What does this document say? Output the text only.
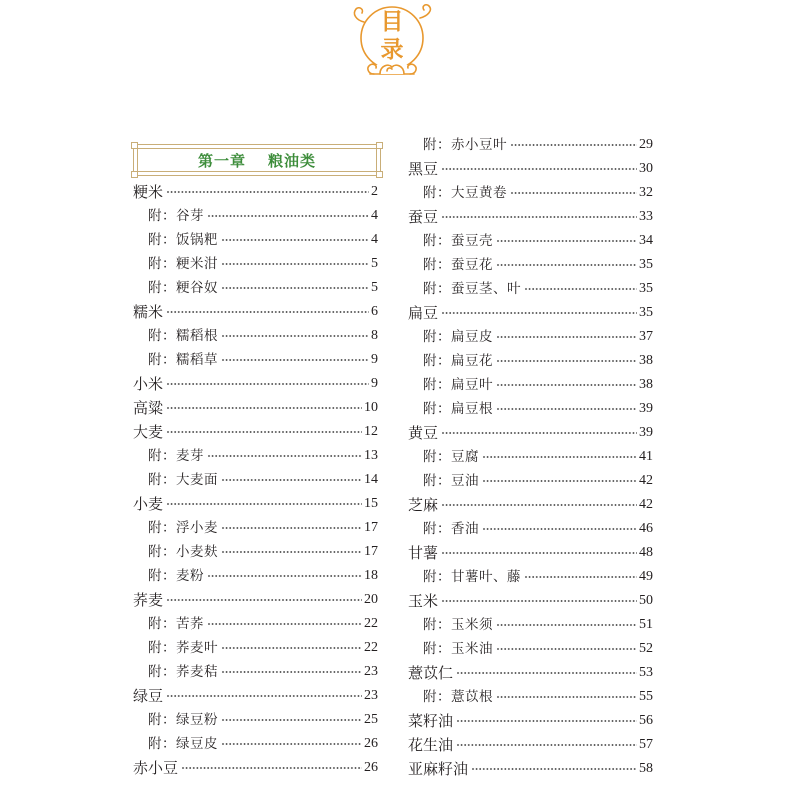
目
录
第一章 粮油类
粳米	2
附：谷芽	4
附：饭锅粑	4
附：粳米泔	5
附：粳谷奴	5
糯米	6
附：糯稻根	8
附：糯稻草	9
小米	9
高粱	10
大麦	12
附：麦芽	13
附：大麦面	14
小麦	15
附：浮小麦	17
附：小麦麸	17
附：麦粉	18
荞麦	20
附：苦荞	22
附：荞麦叶	22
附：荞麦秸	23
绿豆	23
附：绿豆粉	25
附：绿豆皮	26
赤小豆	26
附：赤小豆叶	29
黑豆	30
附：大豆黄卷	32
蚕豆	33
附：蚕豆壳	34
附：蚕豆花	35
附：蚕豆茎、叶	35
扁豆	35
附：扁豆皮	37
附：扁豆花	38
附：扁豆叶	38
附：扁豆根	39
黄豆	39
附：豆腐	41
附：豆油	42
芝麻	42
附：香油	46
甘薯	48
附：甘薯叶、藤	49
玉米	50
附：玉米须	51
附：玉米油	52
薏苡仁	53
附：薏苡根	55
菜籽油	56
花生油	57
亚麻籽油	58
